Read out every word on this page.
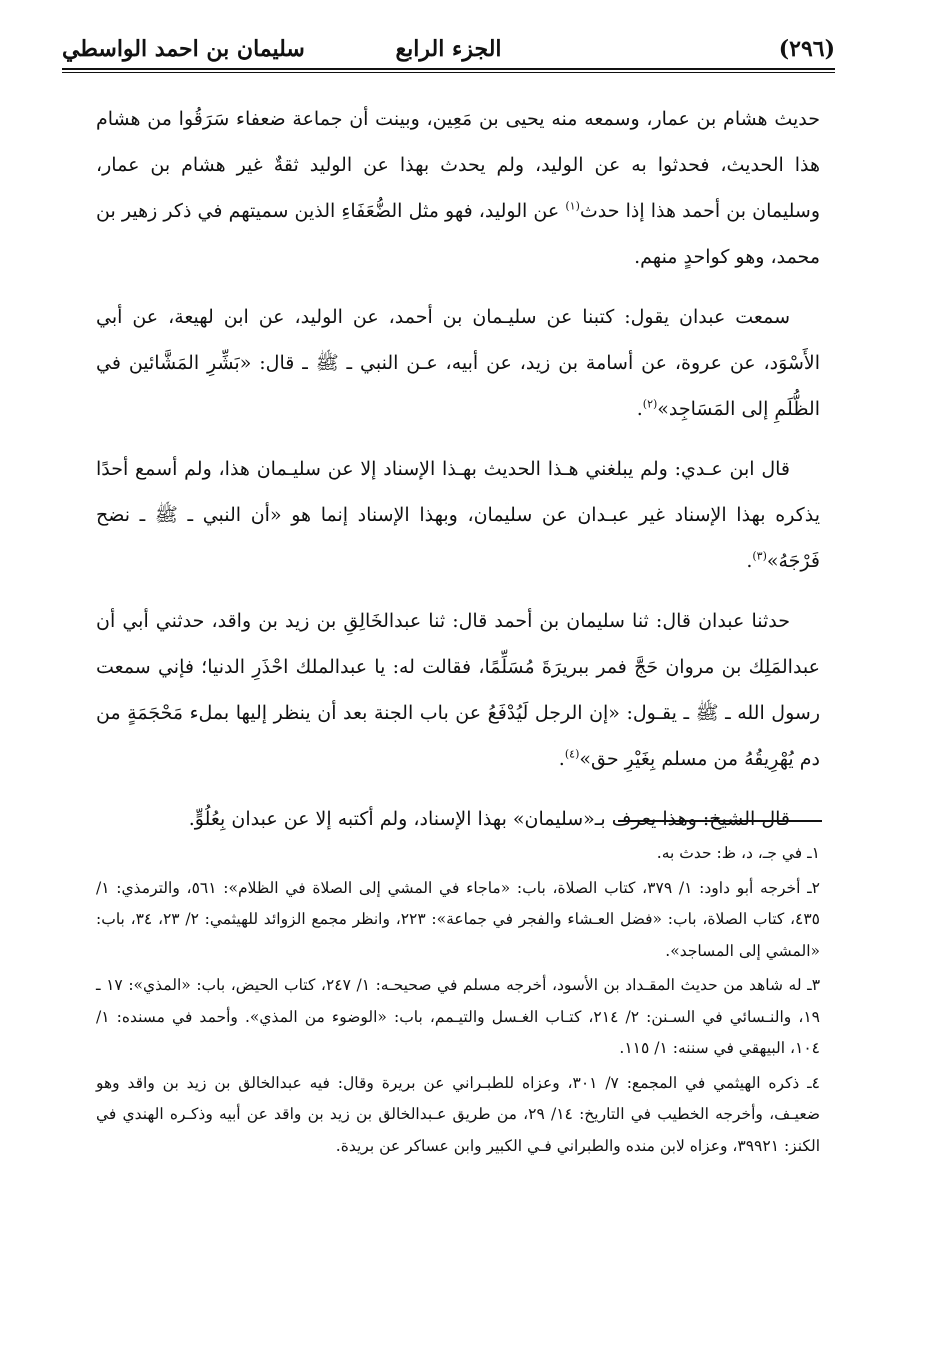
(٢٩٦)
الجزء الرابع
سليمان بن احمد الواسطي

حديث هشام بن عمار، وسمعه منه يحيى بن مَعِين، وبينت أن جماعة ضعفاء سَرَقُوا من هشام هذا الحديث، فحدثوا به عن الوليد، ولم يحدث بهذا عن الوليد ثقةٌ غير هشام بن عمار، وسليمان بن أحمد هذا إذا حدث$^{(١)}$ عن الوليد، فهو مثل الضُّعَفَاءِ الذين سميتهم في ذكر زهير بن محمد، وهو كواحدٍ منهم.

سمعت عبدان يقول: كتبنا عن سليـمان بن أحمد، عن الوليد، عن ابن لهيعة، عن أبي الأَسْوَد، عن عروة، عن أسامة بن زيد، عن أبيه، عـن النبي ـ ﷺ ـ قال: «بَشِّرِ المَشَّائين في الظُّلَمِ إلى المَسَاجِد»$^{(٢)}$.

قال ابن عـدي: ولم يبلغني هـذا الحديث بهـذا الإسناد إلا عن سليـمان هذا، ولم أسمع أحدًا يذكره بهذا الإسناد غير عبـدان عن سليمان، وبهذا الإسناد إنما هو «أن النبي ـ ﷺ ـ نضح فَرْجَهُ»$^{(٣)}$.

حدثنا عبدان قال: ثنا سليمان بن أحمد قال: ثنا عبدالخَالِقِ بن زيد بن واقد، حدثني أبي أن عبدالمَلِك بن مروان حَجَّ فمر ببريرَةَ مُسَلِّمًا، فقالت له: يا عبدالملك احْذَرِ الدنيا؛ فإني سمعت رسول الله ـ ﷺ ـ يقـول: «إن الرجل لَيُدْفَعُ عن باب الجنة بعد أن ينظر إليها بملء مَحْجَمَةٍ من دم يُهْرِيقُهُ من مسلم بِغَيْرِ حق»$^{(٤)}$.

قال الشيخ: وهذا يعرف بـ«سليمان» بهذا الإسناد، ولم أكتبه إلا عن عبدان بِعُلُوٍّ.

١ـ في جـ، د، ظ: حدث به.
٢ـ أخرجه أبو داود: ١/ ٣٧٩، كتاب الصلاة، باب: «ماجاء في المشي إلى الصلاة في الظلام»: ٥٦١، والترمذي: ١/ ٤٣٥، كتاب الصلاة، باب: «فضل العـشاء والفجر في جماعة»: ٢٢٣، وانظر مجمع الزوائد للهيثمي: ٢/ ٢٣، ٣٤، باب: «المشي إلى المساجد».
٣ـ له شاهد من حديث المقـداد بن الأسود، أخرجه مسلم في صحيحـه: ١/ ٢٤٧، كتاب الحيض، باب: «المذي»: ١٧ ـ ١٩، والنـسائي في السـنن: ٢/ ٢١٤، كتـاب الغـسل والتيـمم، باب: «الوضوء من المذي». وأحمد في مسنده: ١/ ١٠٤، البيهقي في سننه: ١/ ١١٥.
٤ـ ذكره الهيثمي في المجمع: ٧/ ٣٠١، وعزاه للطبـراني عن بريرة وقال: فيه عبدالخالق بن زيد بن واقد وهو ضعيـف، وأخرجه الخطيب في التاريخ: ١٤/ ٢٩، من طريق عـبدالخالق بن زيد بن واقد عن أبيه وذكـره الهندي في الكنز: ٣٩٩٢١، وعزاه لابن منده والطبراني فـي الكبير وابن عساكر عن بريدة.
